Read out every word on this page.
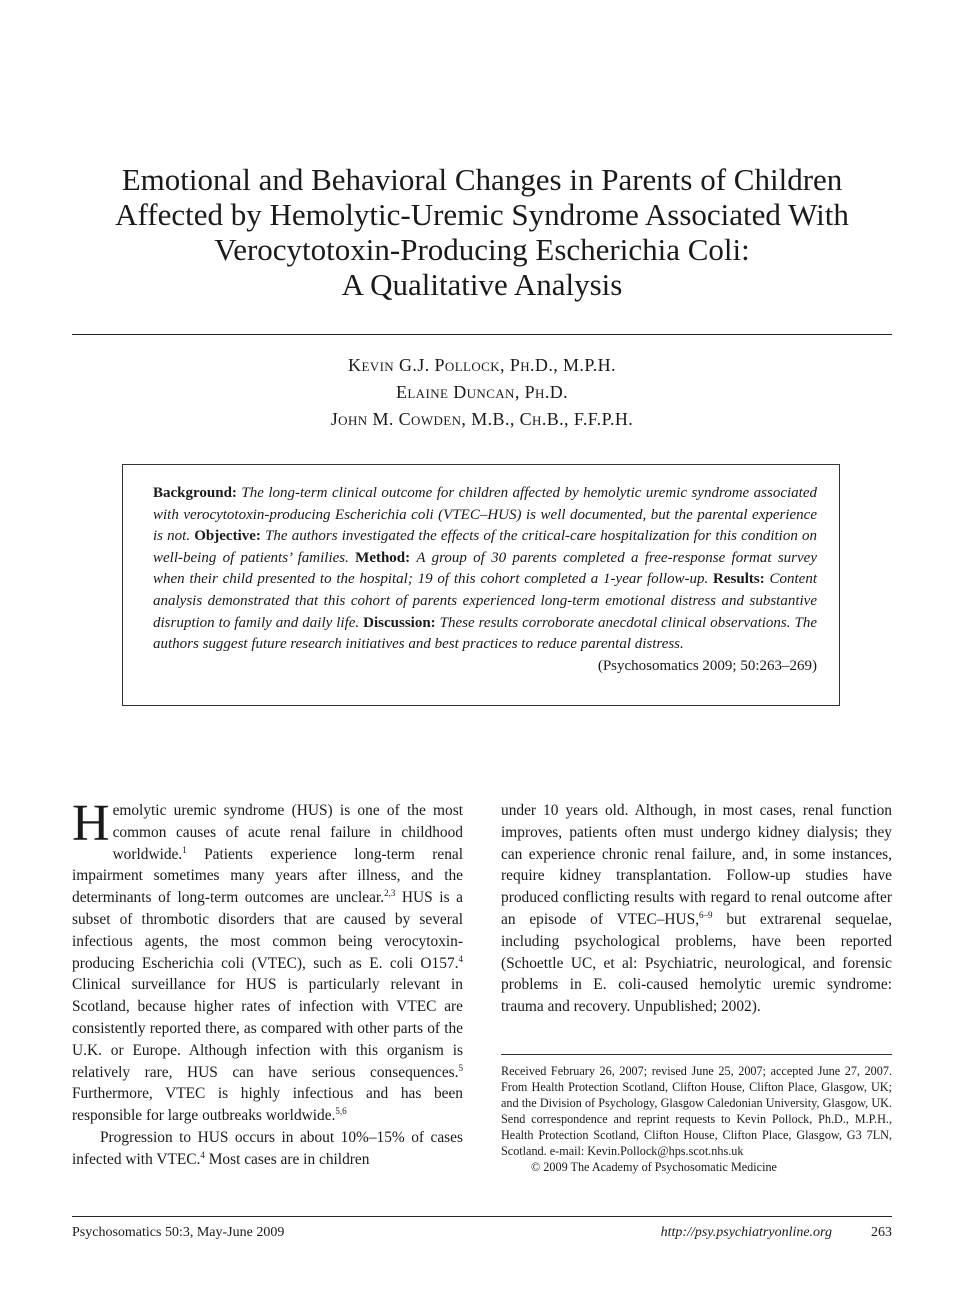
Emotional and Behavioral Changes in Parents of Children
Affected by Hemolytic-Uremic Syndrome Associated With
Verocytotoxin-Producing Escherichia Coli:
A Qualitative Analysis
Kevin G.J. Pollock, Ph.D., M.P.H.
Elaine Duncan, Ph.D.
John M. Cowden, M.B., Ch.B., F.F.P.H.
Background: The long-term clinical outcome for children affected by hemolytic uremic syndrome associated with verocytotoxin-producing Escherichia coli (VTEC–HUS) is well documented, but the parental experience is not. Objective: The authors investigated the effects of the critical-care hospitalization for this condition on well-being of patients’ families. Method: A group of 30 parents completed a free-response format survey when their child presented to the hospital; 19 of this cohort completed a 1-year follow-up. Results: Content analysis demonstrated that this cohort of parents experienced long-term emotional distress and substantive disruption to family and daily life. Discussion: These results corroborate anecdotal clinical observations. The authors suggest future research initiatives and best practices to reduce parental distress.
(Psychosomatics 2009; 50:263–269)

Hemolytic uremic syndrome (HUS) is one of the most common causes of acute renal failure in childhood worldwide.$^1$ Patients experience long-term renal impairment sometimes many years after illness, and the determinants of long-term outcomes are unclear.$^{2,3}$ HUS is a subset of thrombotic disorders that are caused by several infectious agents, the most common being verocytoxin-producing Escherichia coli (VTEC), such as E. coli O157.$^4$ Clinical surveillance for HUS is particularly relevant in Scotland, because higher rates of infection with VTEC are consistently reported there, as compared with other parts of the U.K. or Europe. Although infection with this organism is relatively rare, HUS can have serious consequences.$^5$ Furthermore, VTEC is highly infectious and has been responsible for large outbreaks worldwide.$^{5,6}$

Progression to HUS occurs in about 10%–15% of cases infected with VTEC.$^4$ Most cases are in children

under 10 years old. Although, in most cases, renal function improves, patients often must undergo kidney dialysis; they can experience chronic renal failure, and, in some instances, require kidney transplantation. Follow-up studies have produced conflicting results with regard to renal outcome after an episode of VTEC–HUS,$^{6-9}$ but extrarenal sequelae, including psychological problems, have been reported (Schoettle UC, et al: Psychiatric, neurological, and forensic problems in E. coli-caused hemolytic uremic syndrome: trauma and recovery. Unpublished; 2002).

Received February 26, 2007; revised June 25, 2007; accepted June 27, 2007. From Health Protection Scotland, Clifton House, Clifton Place, Glasgow, UK; and the Division of Psychology, Glasgow Caledonian University, Glasgow, UK. Send correspondence and reprint requests to Kevin Pollock, Ph.D., M.P.H., Health Protection Scotland, Clifton House, Clifton Place, Glasgow, G3 7LN, Scotland. e-mail: Kevin.Pollock@hps.scot.nhs.uk

© 2009 The Academy of Psychosomatic Medicine

Psychosomatics 50:3, May-June 2009	http://psy.psychiatryonline.org	263
